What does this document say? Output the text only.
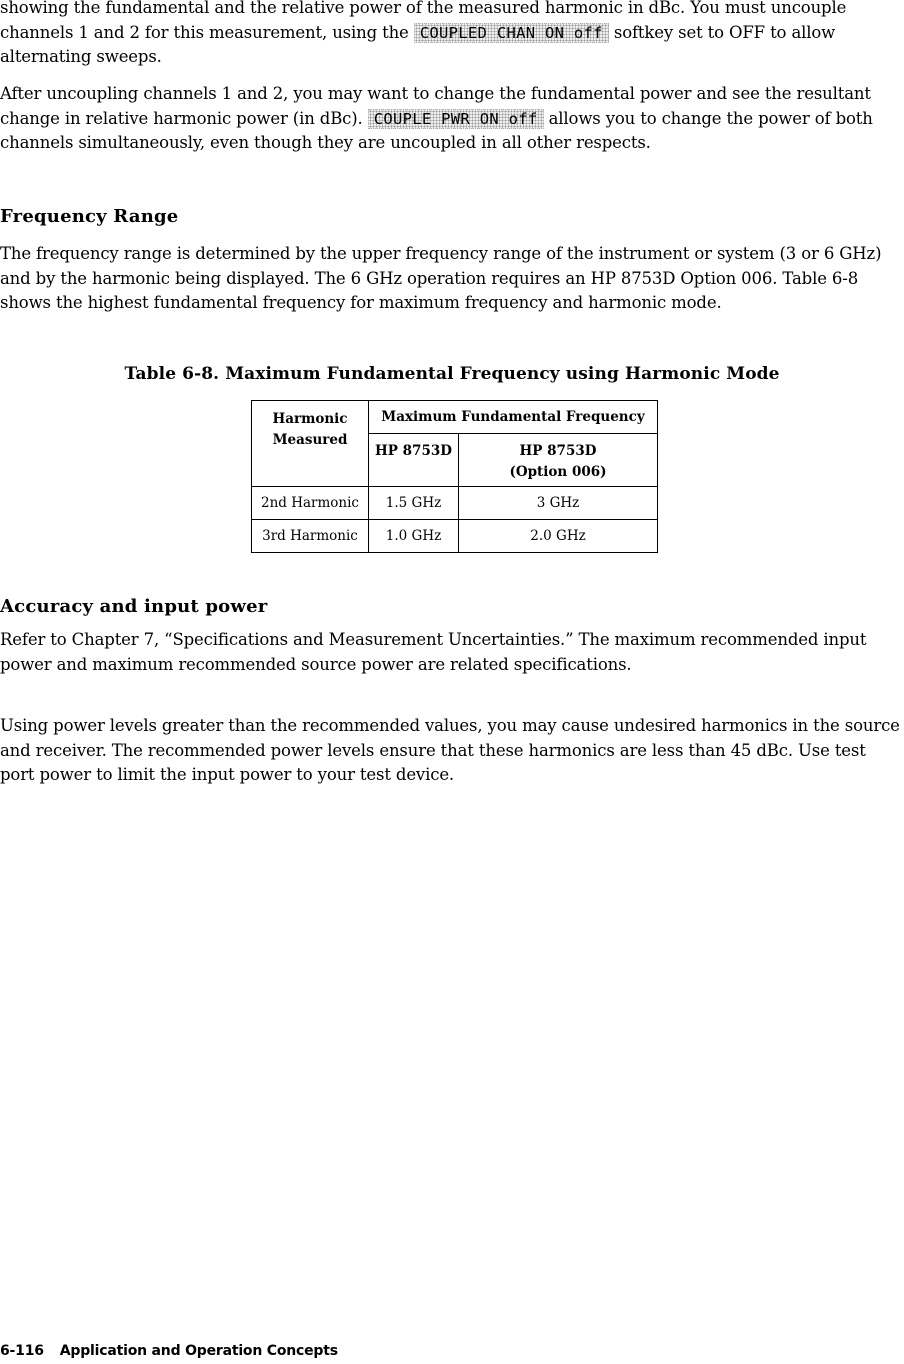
showing the fundamental and the relative power of the measured harmonic in dBc. You must uncouple channels 1 and 2 for this measurement, using the COUPLED CHAN ON off softkey set to OFF to allow alternating sweeps.

After uncoupling channels 1 and 2, you may want to change the fundamental power and see the resultant change in relative harmonic power (in dBc). COUPLE PWR ON off allows you to change the power of both channels simultaneously, even though they are uncoupled in all other respects.

Frequency Range

The frequency range is determined by the upper frequency range of the instrument or system (3 or 6 GHz) and by the harmonic being displayed. The 6 GHz operation requires an HP 8753D Option 006. Table 6-8 shows the highest fundamental frequency for maximum frequency and harmonic mode.

Table 6-8. Maximum Fundamental Frequency using Harmonic Mode

Harmonic
Measured	Maximum Fundamental Frequency	
	HP 8753D	HP 8753D
(Option 006)

2nd Harmonic	1.5 GHz	3 GHz
3rd Harmonic	1.0 GHz	2.0 GHz
Accuracy and input power

Refer to Chapter 7, “Specifications and Measurement Uncertainties.” The maximum recommended input power and maximum recommended source power are related specifications.

Using power levels greater than the recommended values, you may cause undesired harmonics in the source and receiver. The recommended power levels ensure that these harmonics are less than 45 dBc. Use test port power to limit the input power to your test device.

6-116 Application and Operation Concepts
